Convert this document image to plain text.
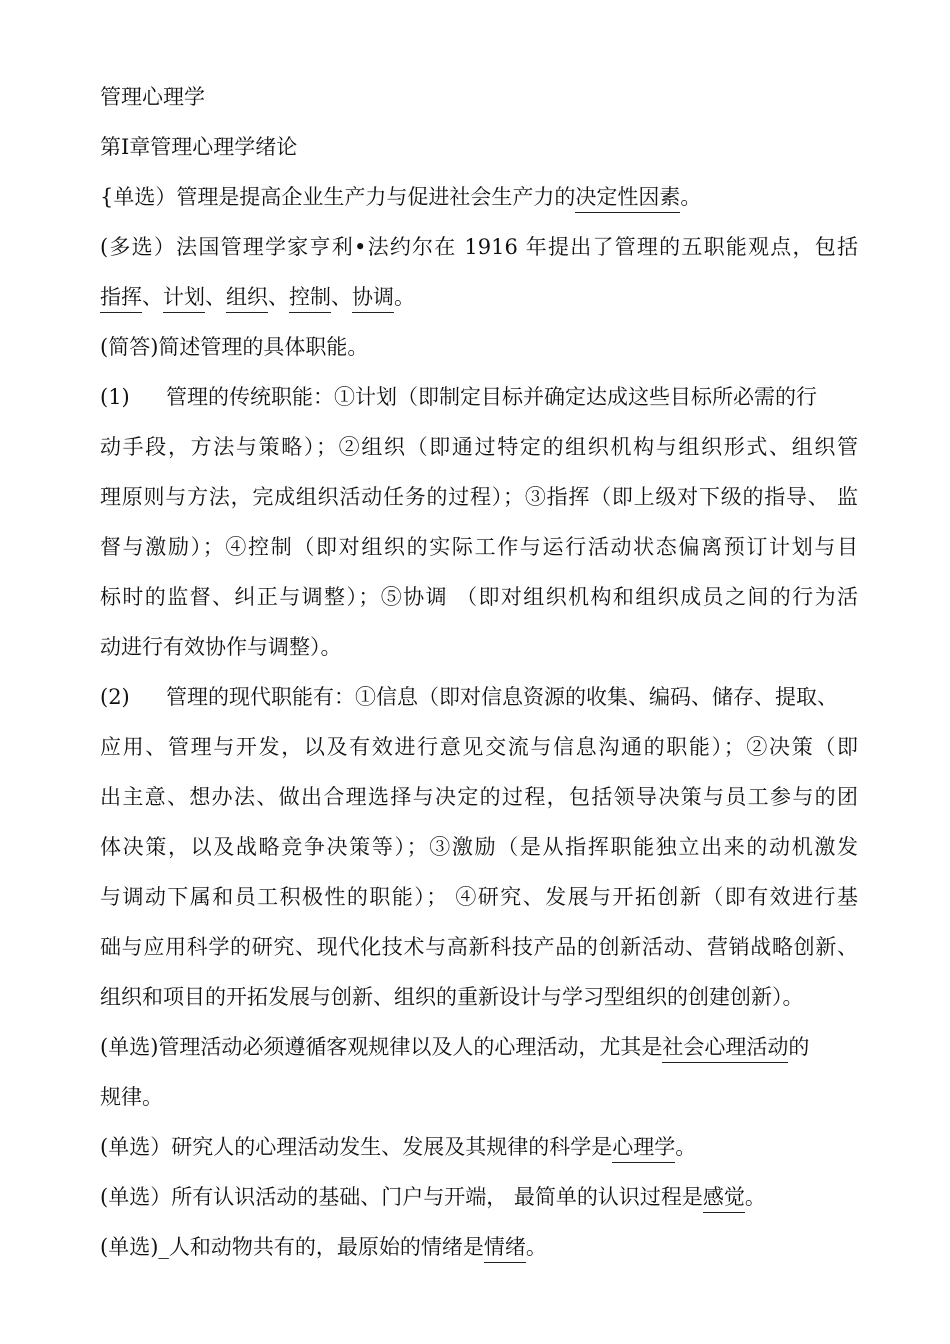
管理心理学
第Ⅰ章管理心理学绪论
{单选）管理是提高企业生产力与促进社会生产力的决定性因素。
(多选）法国管理学家亨利•法约尔在 1916 年提出了管理的五职能观点，包括
指挥、计划、组织、控制、协调。
(简答)简述管理的具体职能。
(1) 管理的传统职能：①计划（即制定目标并确定达成这些目标所必需的行
动手段，方法与策略）；②组织（即通过特定的组织机构与组织形式、组织管
理原则与方法，完成组织活动任务的过程）；③指挥（即上级对下级的指导、 监
督与激励）；④控制（即对组织的实际工作与运行活动状态偏离预订计划与目
标时的监督、纠正与调整）；⑤协调 （即对组织机构和组织成员之间的行为活
动进行有效协作与调整）。
(2) 管理的现代职能有：①信息（即对信息资源的收集、编码、储存、提取、
应用、管理与开发，以及有效进行意见交流与信息沟通的职能）；②决策（即
出主意、想办法、做出合理选择与决定的过程，包括领导决策与员工参与的团
体决策，以及战略竞争决策等）；③激励（是从指挥职能独立出来的动机激发
与调动下属和员工积极性的职能）； ④研究、发展与开拓创新（即有效进行基
础与应用科学的研究、现代化技术与高新科技产品的创新活动、营销战略创新、
组织和项目的开拓发展与创新、组织的重新设计与学习型组织的创建创新）。
(单选)管理活动必须遵循客观规律以及人的心理活动，尤其是社会心理活动的
规律。
(单选）研究人的心理活动发生、发展及其规律的科学是心理学。
(单选）所有认识活动的基础、门户与开端， 最简单的认识过程是感觉。
(单选)_人和动物共有的，最原始的情绪是情绪。
